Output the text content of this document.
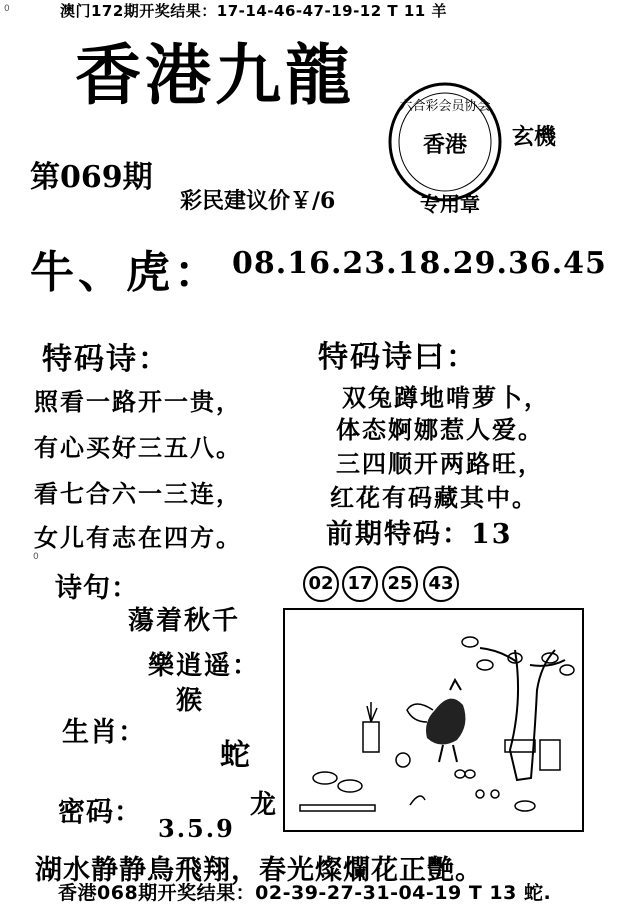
0	澳门172期开奖结果：17-14-46-47-19-12 T 11 羊
香港九龍	六合彩会员协会
香港 玄機
专用章
第069期
彩民建议价￥/6
牛、虎： 08.16.23.18.29.36.45
特码诗：
照看一路开一贵，
有心买好三五八。
看七合六一三连，
女儿有志在四方。
特码诗曰：
双兔蹲地啃萝卜，
体态婀娜惹人爱。
三四顺开两路旺，
红花有码藏其中。
前期特码：13
0
02 17 25 43
诗句：
蕩着秋千
樂逍遥：
猴
生肖：
蛇
龙
密码：
3.5.9
湖水静静鳥飛翔，春光燦爛花正艷。
香港068期开奖结果：02-39-27-31-04-19 T 13 蛇.
